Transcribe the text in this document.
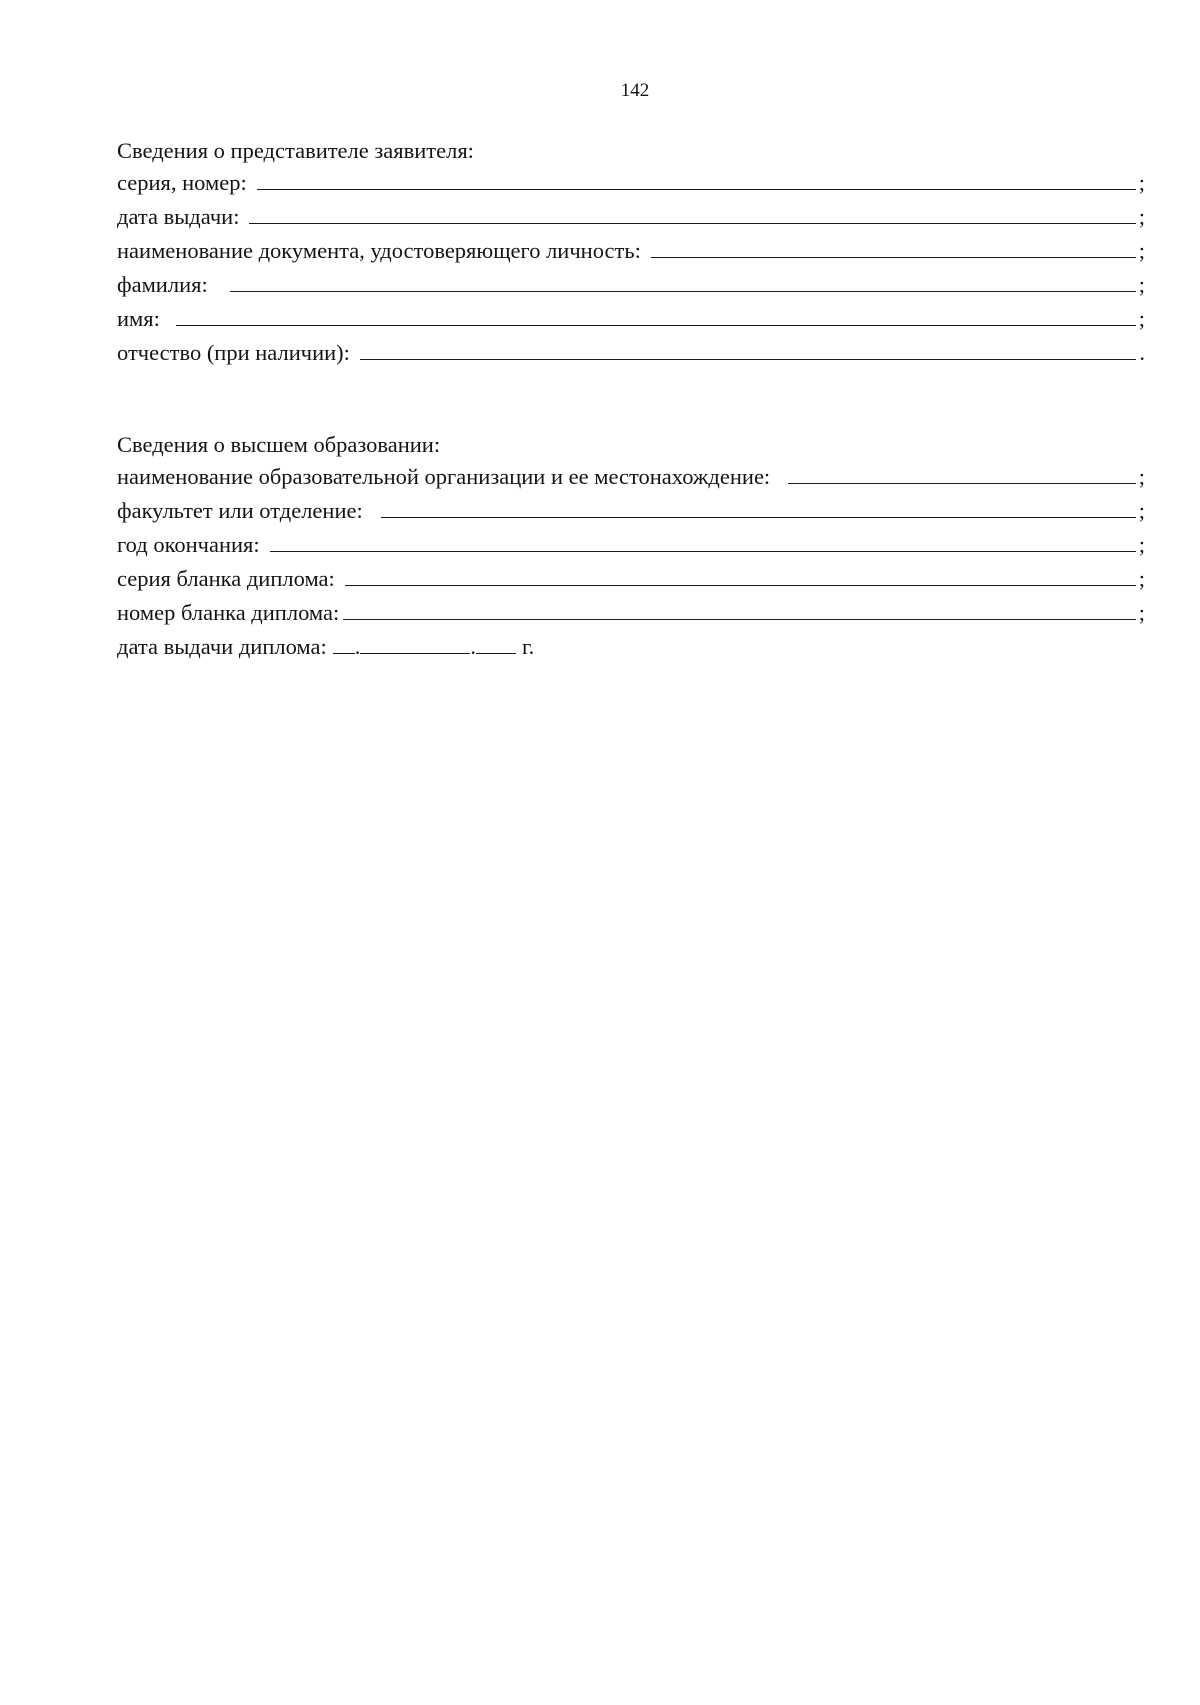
142
Сведения о представителе заявителя:
серия, номер:	;
дата выдачи:	;
наименование документа, удостоверяющего личность:	;
фамилия:	;
имя:	;
отчество (при наличии):	.
Сведения о высшем образовании:
наименование образовательной организации и ее местонахождение:	;
факультет или отделение:	;
год окончания:	;
серия бланка диплома:	;
номер бланка диплома:	;
дата выдачи диплома: .	. г.
